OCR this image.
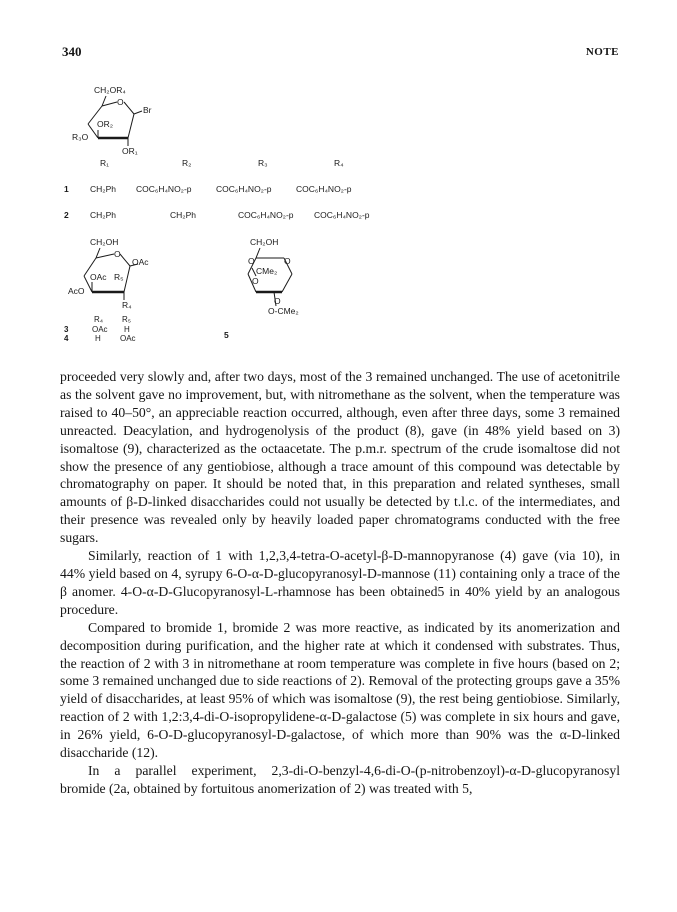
340	NOTE
CH₂OR₄
O
Br
OR₂
R₃O
OR₁
R₁	R₂	R₃	R₄
1	CH₂Ph COC₆H₄NO₂-p	COC₆H₄NO₂-p	COC₆H₄NO₂-p
2	CH₂Ph	CH₂Ph	COC₆H₄NO₂-p COC₆H₄NO₂-p
CH₂OH
O
OAc
OAc R₅
AcO
R₄
R₄ R₅
3	OAc H
4	H OAc
CH₂OH
O	O
CMe₂
O
O
O-CMe₂
5

proceeded very slowly and, after two days, most of the 3 remained unchanged. The use of acetonitrile as the solvent gave no improvement, but, with nitromethane as the solvent, when the temperature was raised to 40–50°, an appreciable reaction occurred, although, even after three days, some 3 remained unreacted. Deacylation, and hydrogenolysis of the product (8), gave (in 48% yield based on 3) isomaltose (9), characterized as the octaacetate. The p.m.r. spectrum of the crude isomaltose did not show the presence of any gentiobiose, although a trace amount of this compound was detectable by chromatography on paper. It should be noted that, in this preparation and related syntheses, small amounts of β-D-linked disaccharides could not usually be detected by t.l.c. of the intermediates, and their presence was revealed only by heavily loaded paper chromatograms conducted with the free sugars.

Similarly, reaction of 1 with 1,2,3,4-tetra-O-acetyl-β-D-mannopyranose (4) gave (via 10), in 44% yield based on 4, syrupy 6-O-α-D-glucopyranosyl-D-mannose (11) containing only a trace of the β anomer. 4-O-α-D-Glucopyranosyl-L-rhamnose has been obtained5 in 40% yield by an analogous procedure.

Compared to bromide 1, bromide 2 was more reactive, as indicated by its anomerization and decomposition during purification, and the higher rate at which it condensed with substrates. Thus, the reaction of 2 with 3 in nitromethane at room temperature was complete in five hours (based on 2; some 3 remained unchanged due to side reactions of 2). Removal of the protecting groups gave a 35% yield of disaccharides, at least 95% of which was isomaltose (9), the rest being gentiobiose. Similarly, reaction of 2 with 1,2:3,4-di-O-isopropylidene-α-D-galactose (5) was complete in six hours and gave, in 26% yield, 6-O-D-glucopyranosyl-D-galactose, of which more than 90% was the α-D-linked disaccharide (12).

In a parallel experiment, 2,3-di-O-benzyl-4,6-di-O-(p-nitrobenzoyl)-α-D-glucopyranosyl bromide (2a, obtained by fortuitous anomerization of 2) was treated with 5,
